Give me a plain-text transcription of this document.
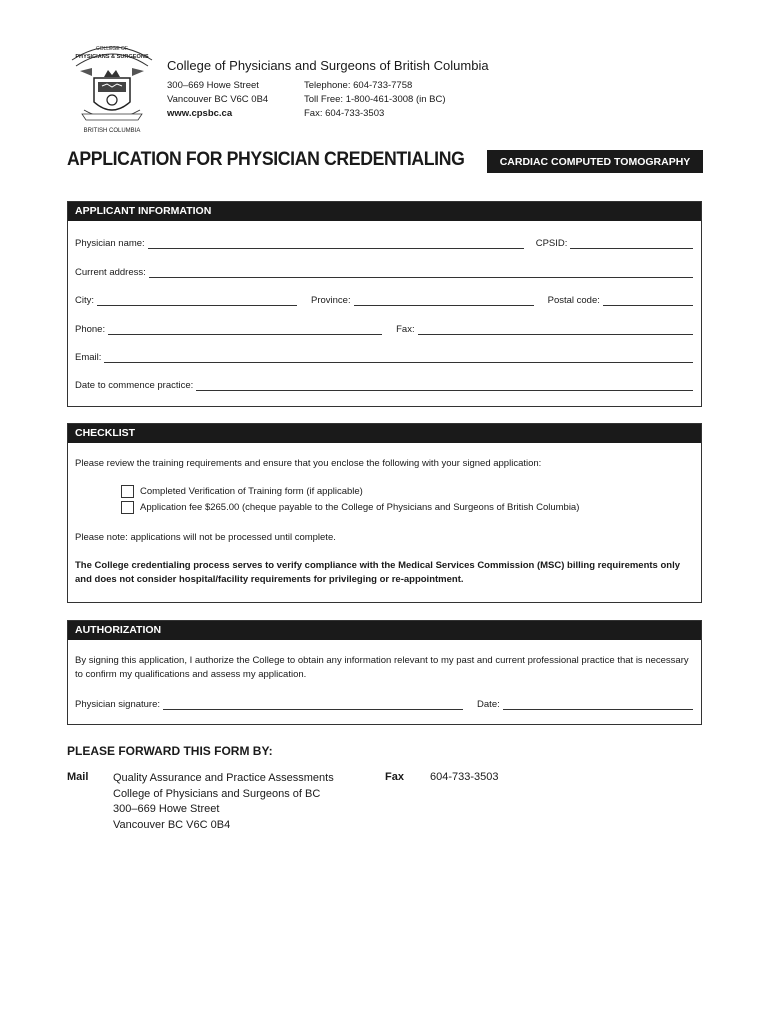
COLLEGE OF
PHYSICIANS & SURGEONS
BRITISH COLUMBIA
College of Physicians and Surgeons of British Columbia
300–669 Howe Street
Vancouver BC V6C 0B4
www.cpsbc.ca
Telephone: 604-733-7758
Toll Free: 1-800-461-3008 (in BC)
Fax: 604-733-3503
APPLICATION FOR PHYSICIAN CREDENTIALING	CARDIAC COMPUTED TOMOGRAPHY
APPLICANT INFORMATION
Physician name:	CPSID:
Current address:
City:	Province:	Postal code:
Phone:	Fax:
Email:
Date to commence practice:
CHECKLIST
Please review the training requirements and ensure that you enclose the following with your signed application:
Completed Verification of Training form (if applicable)
Application fee $265.00 (cheque payable to the College of Physicians and Surgeons of British Columbia)
Please note: applications will not be processed until complete.
The College credentialing process serves to verify compliance with the Medical Services Commission (MSC) billing requirements only and does not consider hospital/facility requirements for privileging or re-appointment.
AUTHORIZATION
By signing this application, I authorize the College to obtain any information relevant to my past and current professional practice that is necessary to confirm my qualifications and assess my application.
Physician signature:	Date:
PLEASE FORWARD THIS FORM BY:
Mail Quality Assurance and Practice Assessments
College of Physicians and Surgeons of BC
300–669 Howe Street
Vancouver BC V6C 0B4
Fax 604-733-3503
